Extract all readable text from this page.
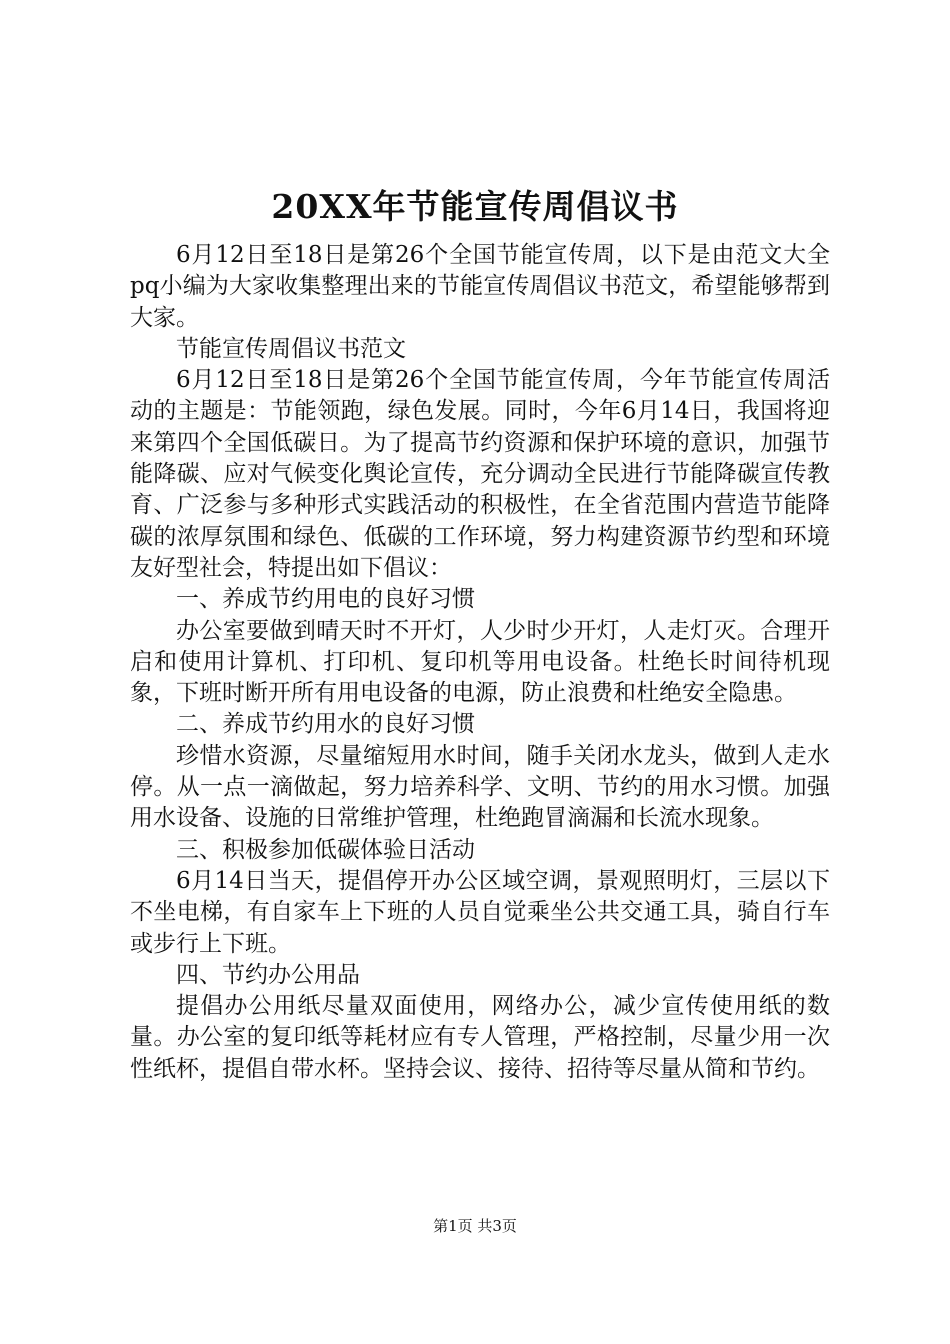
20XX年节能宣传周倡议书

6月12日至18日是第26个全国节能宣传周，以下是由范文大全pq小编为大家收集整理出来的节能宣传周倡议书范文，希望能够帮到大家。

节能宣传周倡议书范文

6月12日至18日是第26个全国节能宣传周，今年节能宣传周活动的主题是：节能领跑，绿色发展。同时，今年6月14日，我国将迎来第四个全国低碳日。为了提高节约资源和保护环境的意识，加强节能降碳、应对气候变化舆论宣传，充分调动全民进行节能降碳宣传教育、广泛参与多种形式实践活动的积极性，在全省范围内营造节能降碳的浓厚氛围和绿色、低碳的工作环境，努力构建资源节约型和环境友好型社会，特提出如下倡议：

一、养成节约用电的良好习惯

办公室要做到晴天时不开灯，人少时少开灯，人走灯灭。合理开启和使用计算机、打印机、复印机等用电设备。杜绝长时间待机现象，下班时断开所有用电设备的电源，防止浪费和杜绝安全隐患。

二、养成节约用水的良好习惯

珍惜水资源，尽量缩短用水时间，随手关闭水龙头，做到人走水停。从一点一滴做起，努力培养科学、文明、节约的用水习惯。加强用水设备、设施的日常维护管理，杜绝跑冒滴漏和长流水现象。

三、积极参加低碳体验日活动

6月14日当天，提倡停开办公区域空调，景观照明灯，三层以下不坐电梯，有自家车上下班的人员自觉乘坐公共交通工具，骑自行车或步行上下班。

四、节约办公用品

提倡办公用纸尽量双面使用，网络办公，减少宣传使用纸的数量。办公室的复印纸等耗材应有专人管理，严格控制，尽量少用一次性纸杯，提倡自带水杯。坚持会议、接待、招待等尽量从简和节约。

第1页 共3页
